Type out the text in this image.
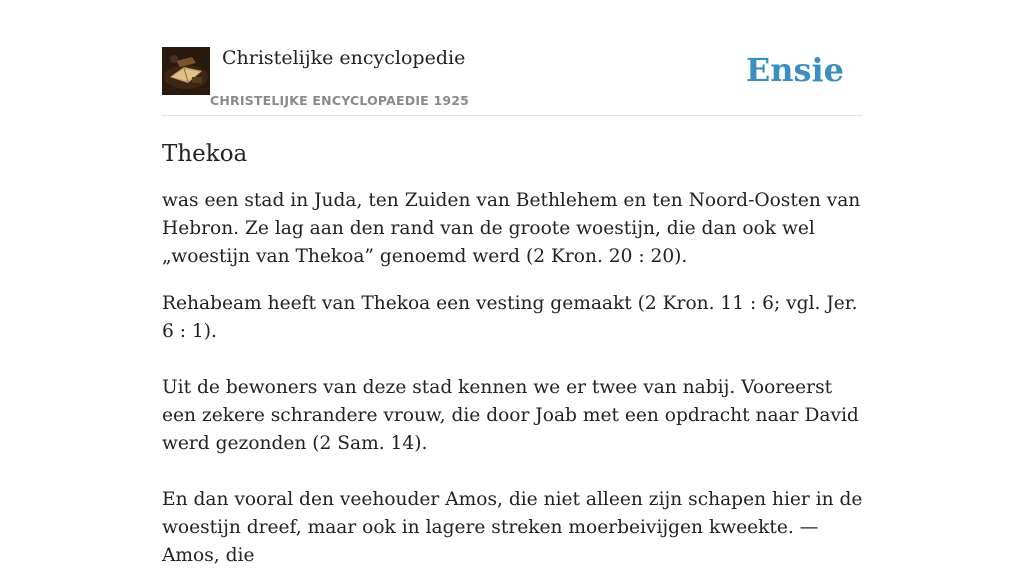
Christelijke encyclopedie
CHRISTELIJKE ENCYCLOPAEDIE 1925
Ensie
Thekoa

was een stad in Juda, ten Zuiden van Bethlehem en ten Noord-Oosten van Hebron. Ze lag aan den rand van de groote woestijn, die dan ook wel „woestijn van Thekoa” genoemd werd (2 Kron. 20 : 20).

Rehabeam heeft van Thekoa een vesting gemaakt (2 Kron. 11 : 6; vgl. Jer. 6 : 1).

Uit de bewoners van deze stad kennen we er twee van nabij. Vooreerst een zekere schrandere vrouw, die door Joab met een opdracht naar David werd gezonden (2 Sam. 14).

En dan vooral den veehouder Amos, die niet alleen zijn schapen hier in de woestijn dreef, maar ook in lagere streken moerbeivijgen kweekte. — Amos, die
